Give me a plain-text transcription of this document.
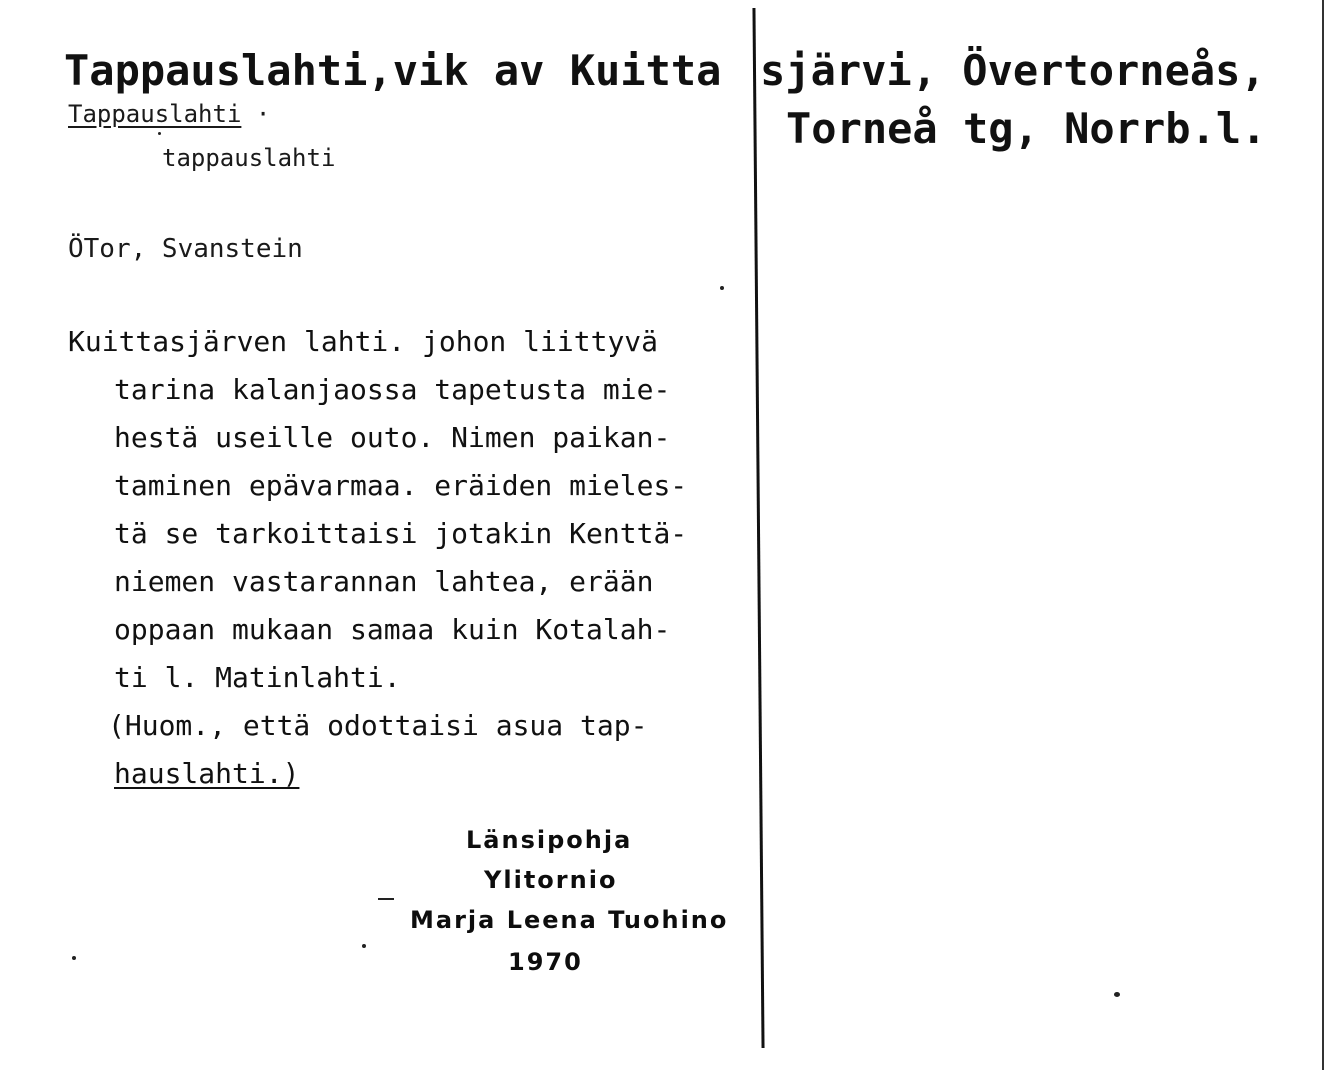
Tappauslahti,vik av Kuitta sjärvi, Övertorneås,
Torneå tg, Norrb.l.
Tappauslahti ·
tappauslahti
ÖTor, Svanstein
Kuittasjärven lahti. johon liittyvä
tarina kalanjaossa tapetusta mie-
hestä useille outo. Nimen paikan-
taminen epävarmaa. eräiden mieles-
tä se tarkoittaisi jotakin Kenttä-
niemen vastarannan lahtea, erään
oppaan mukaan samaa kuin Kotalah-
ti l. Matinlahti.
(Huom., että odottaisi asua tap-
hauslahti.)
Länsipohja
Ylitornio
Marja Leena Tuohino
1970
